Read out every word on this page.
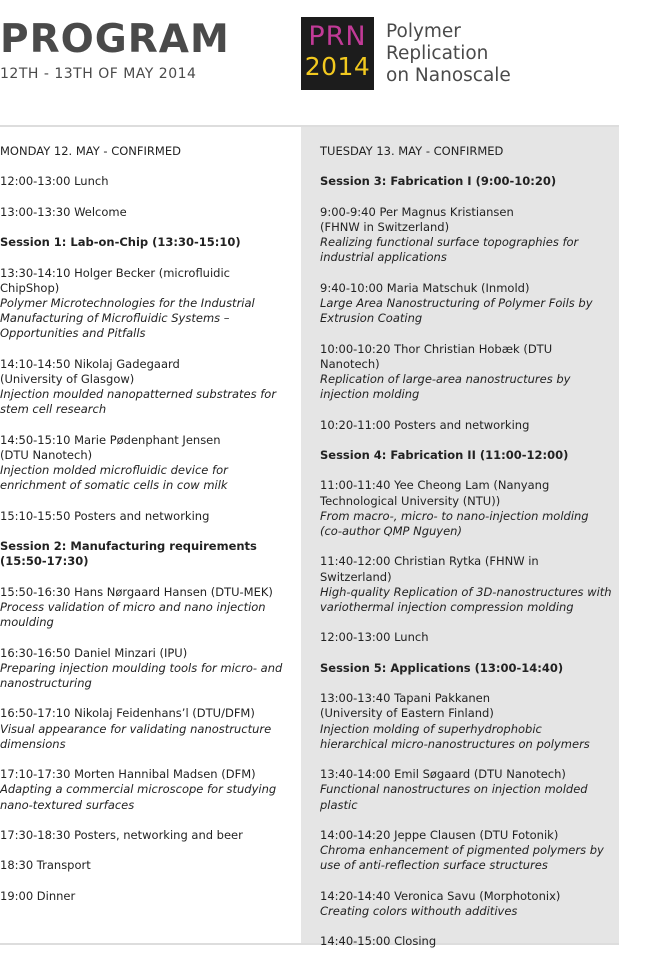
PROGRAM
12TH - 13TH OF MAY 2014
PRN
2014
Polymer
Replication
on Nanoscale
MONDAY 12. MAY - CONFIRMED
12:00-13:00 Lunch
13:00-13:30 Welcome
Session 1: Lab-on-Chip (13:30-15:10)
13:30-14:10 Holger Becker (microfluidic ChipShop)
Polymer Microtechnologies for the Industrial Manufacturing of Microfluidic Systems – Opportunities and Pitfalls
14:10-14:50 Nikolaj Gadegaard
(University of Glasgow)
Injection moulded nanopatterned substrates for stem cell research
14:50-15:10 Marie Pødenphant Jensen
(DTU Nanotech)
Injection molded microfluidic device for enrichment of somatic cells in cow milk
15:10-15:50 Posters and networking
Session 2: Manufacturing requirements (15:50-17:30)
15:50-16:30 Hans Nørgaard Hansen (DTU-MEK)
Process validation of micro and nano injection moulding
16:30-16:50 Daniel Minzari (IPU)
Preparing injection moulding tools for micro- and nanostructuring
16:50-17:10 Nikolaj Feidenhans’l (DTU/DFM)
Visual appearance for validating nanostructure dimensions
17:10-17:30 Morten Hannibal Madsen (DFM)
Adapting a commercial microscope for studying nano-textured surfaces
17:30-18:30 Posters, networking and beer
18:30 Transport
19:00 Dinner
TUESDAY 13. MAY - CONFIRMED
Session 3: Fabrication I (9:00-10:20)
9:00-9:40 Per Magnus Kristiansen
(FHNW in Switzerland)
Realizing functional surface topographies for industrial applications
9:40-10:00 Maria Matschuk (Inmold)
Large Area Nanostructuring of Polymer Foils by Extrusion Coating
10:00-10:20 Thor Christian Hobæk (DTU Nanotech)
Replication of large-area nanostructures by injection molding
10:20-11:00 Posters and networking
Session 4: Fabrication II (11:00-12:00)
11:00-11:40 Yee Cheong Lam (Nanyang Technological University (NTU))
From macro-, micro- to nano-injection molding (co-author QMP Nguyen)
11:40-12:00 Christian Rytka (FHNW in Switzerland)
High-quality Replication of 3D-nanostructures with variothermal injection compression molding
12:00-13:00 Lunch
Session 5: Applications (13:00-14:40)
13:00-13:40 Tapani Pakkanen
(University of Eastern Finland)
Injection molding of superhydrophobic hierarchical micro-nanostructures on polymers
13:40-14:00 Emil Søgaard (DTU Nanotech)
Functional nanostructures on injection molded plastic
14:00-14:20 Jeppe Clausen (DTU Fotonik)
Chroma enhancement of pigmented polymers by use of anti-reflection surface structures
14:20-14:40 Veronica Savu (Morphotonix)
Creating colors withouth additives
14:40-15:00 Closing
